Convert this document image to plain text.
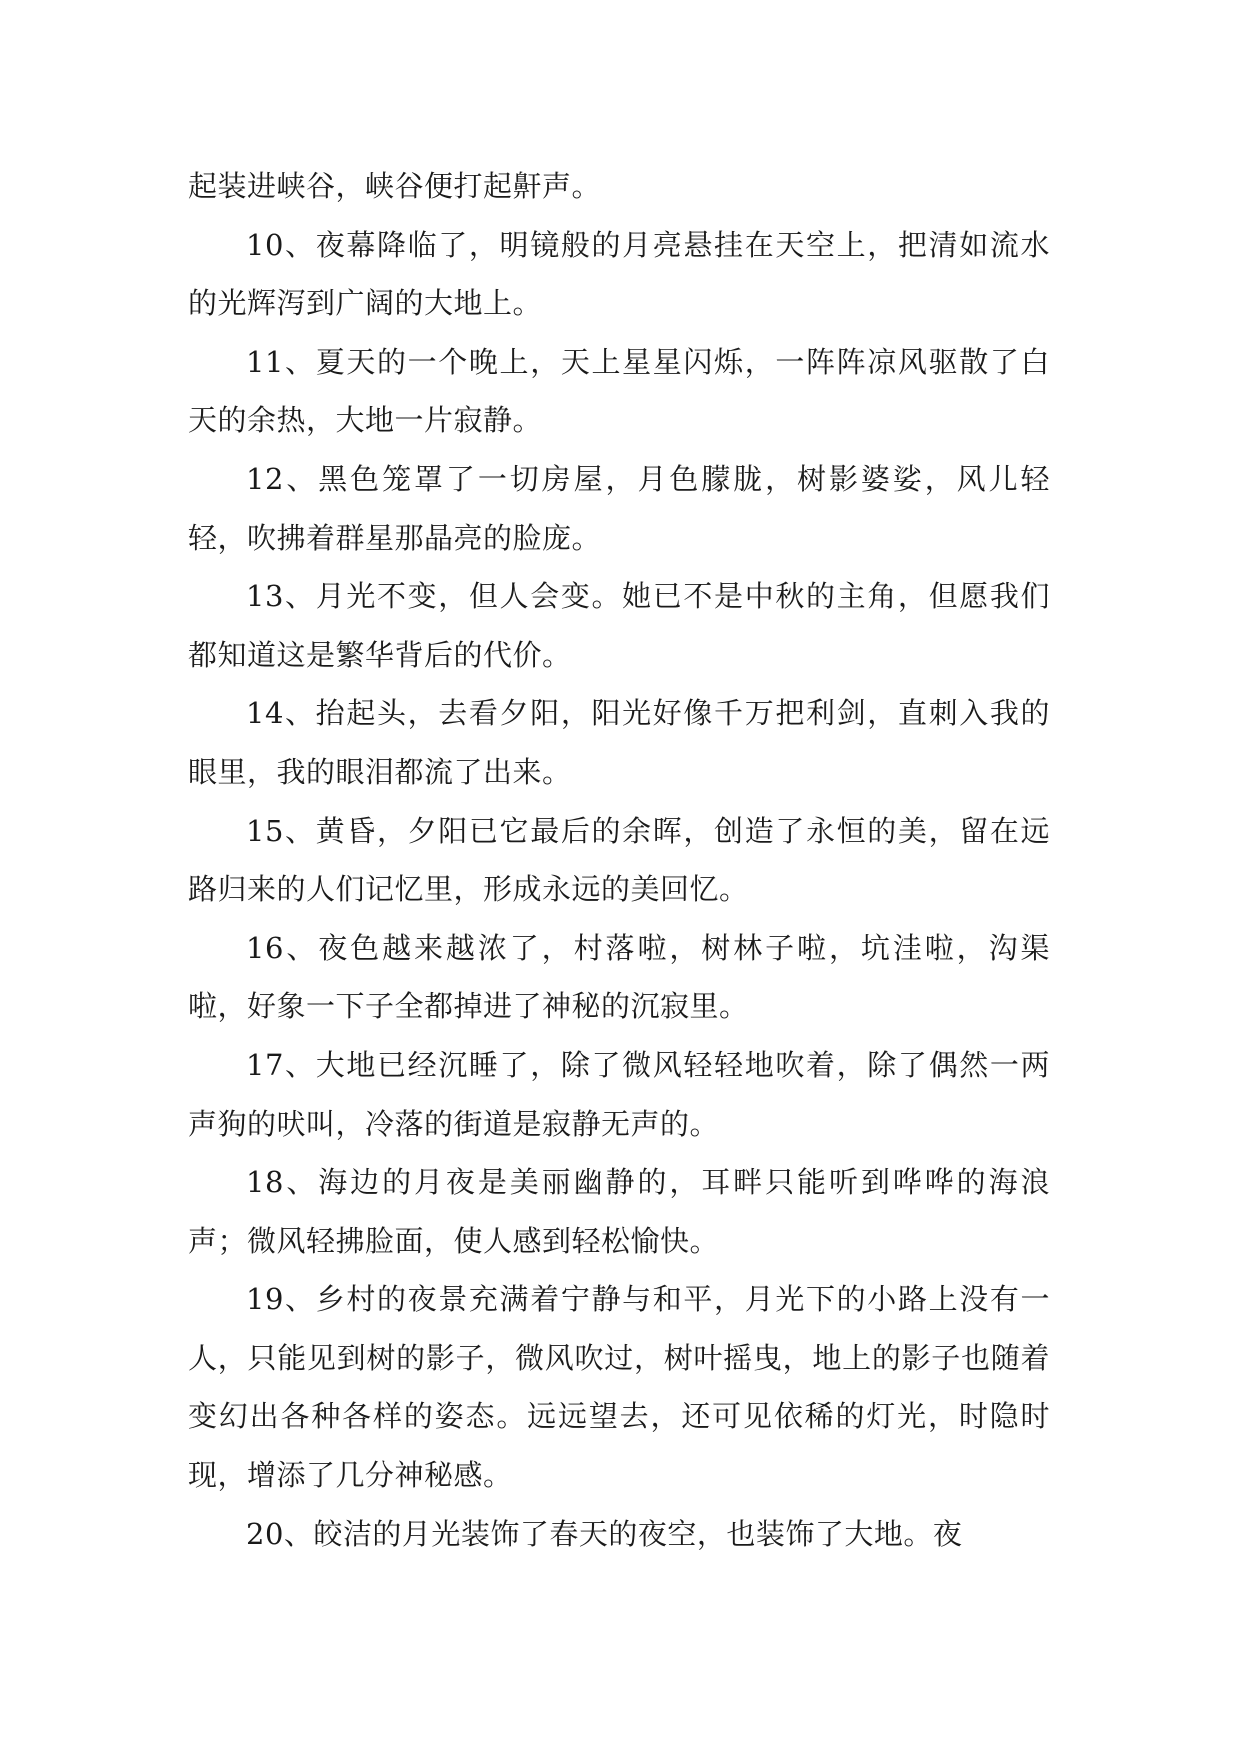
起装进峡谷，峡谷便打起鼾声。

10、夜幕降临了，明镜般的月亮悬挂在天空上，把清如流水的光辉泻到广阔的大地上。

11、夏天的一个晚上，天上星星闪烁，一阵阵凉风驱散了白天的余热，大地一片寂静。

12、黑色笼罩了一切房屋，月色朦胧，树影婆娑，风儿轻轻，吹拂着群星那晶亮的脸庞。

13、月光不变，但人会变。她已不是中秋的主角，但愿我们都知道这是繁华背后的代价。

14、抬起头，去看夕阳，阳光好像千万把利剑，直刺入我的眼里，我的眼泪都流了出来。

15、黄昏，夕阳已它最后的余晖，创造了永恒的美，留在远路归来的人们记忆里，形成永远的美回忆。

16、夜色越来越浓了，村落啦，树林子啦，坑洼啦，沟渠啦，好象一下子全都掉进了神秘的沉寂里。

17、大地已经沉睡了，除了微风轻轻地吹着，除了偶然一两声狗的吠叫，冷落的街道是寂静无声的。

18、海边的月夜是美丽幽静的，耳畔只能听到哗哗的海浪声；微风轻拂脸面，使人感到轻松愉快。

19、乡村的夜景充满着宁静与和平，月光下的小路上没有一人，只能见到树的影子，微风吹过，树叶摇曳，地上的影子也随着变幻出各种各样的姿态。远远望去，还可见依稀的灯光，时隐时现，增添了几分神秘感。

20、皎洁的月光装饰了春天的夜空，也装饰了大地。夜
